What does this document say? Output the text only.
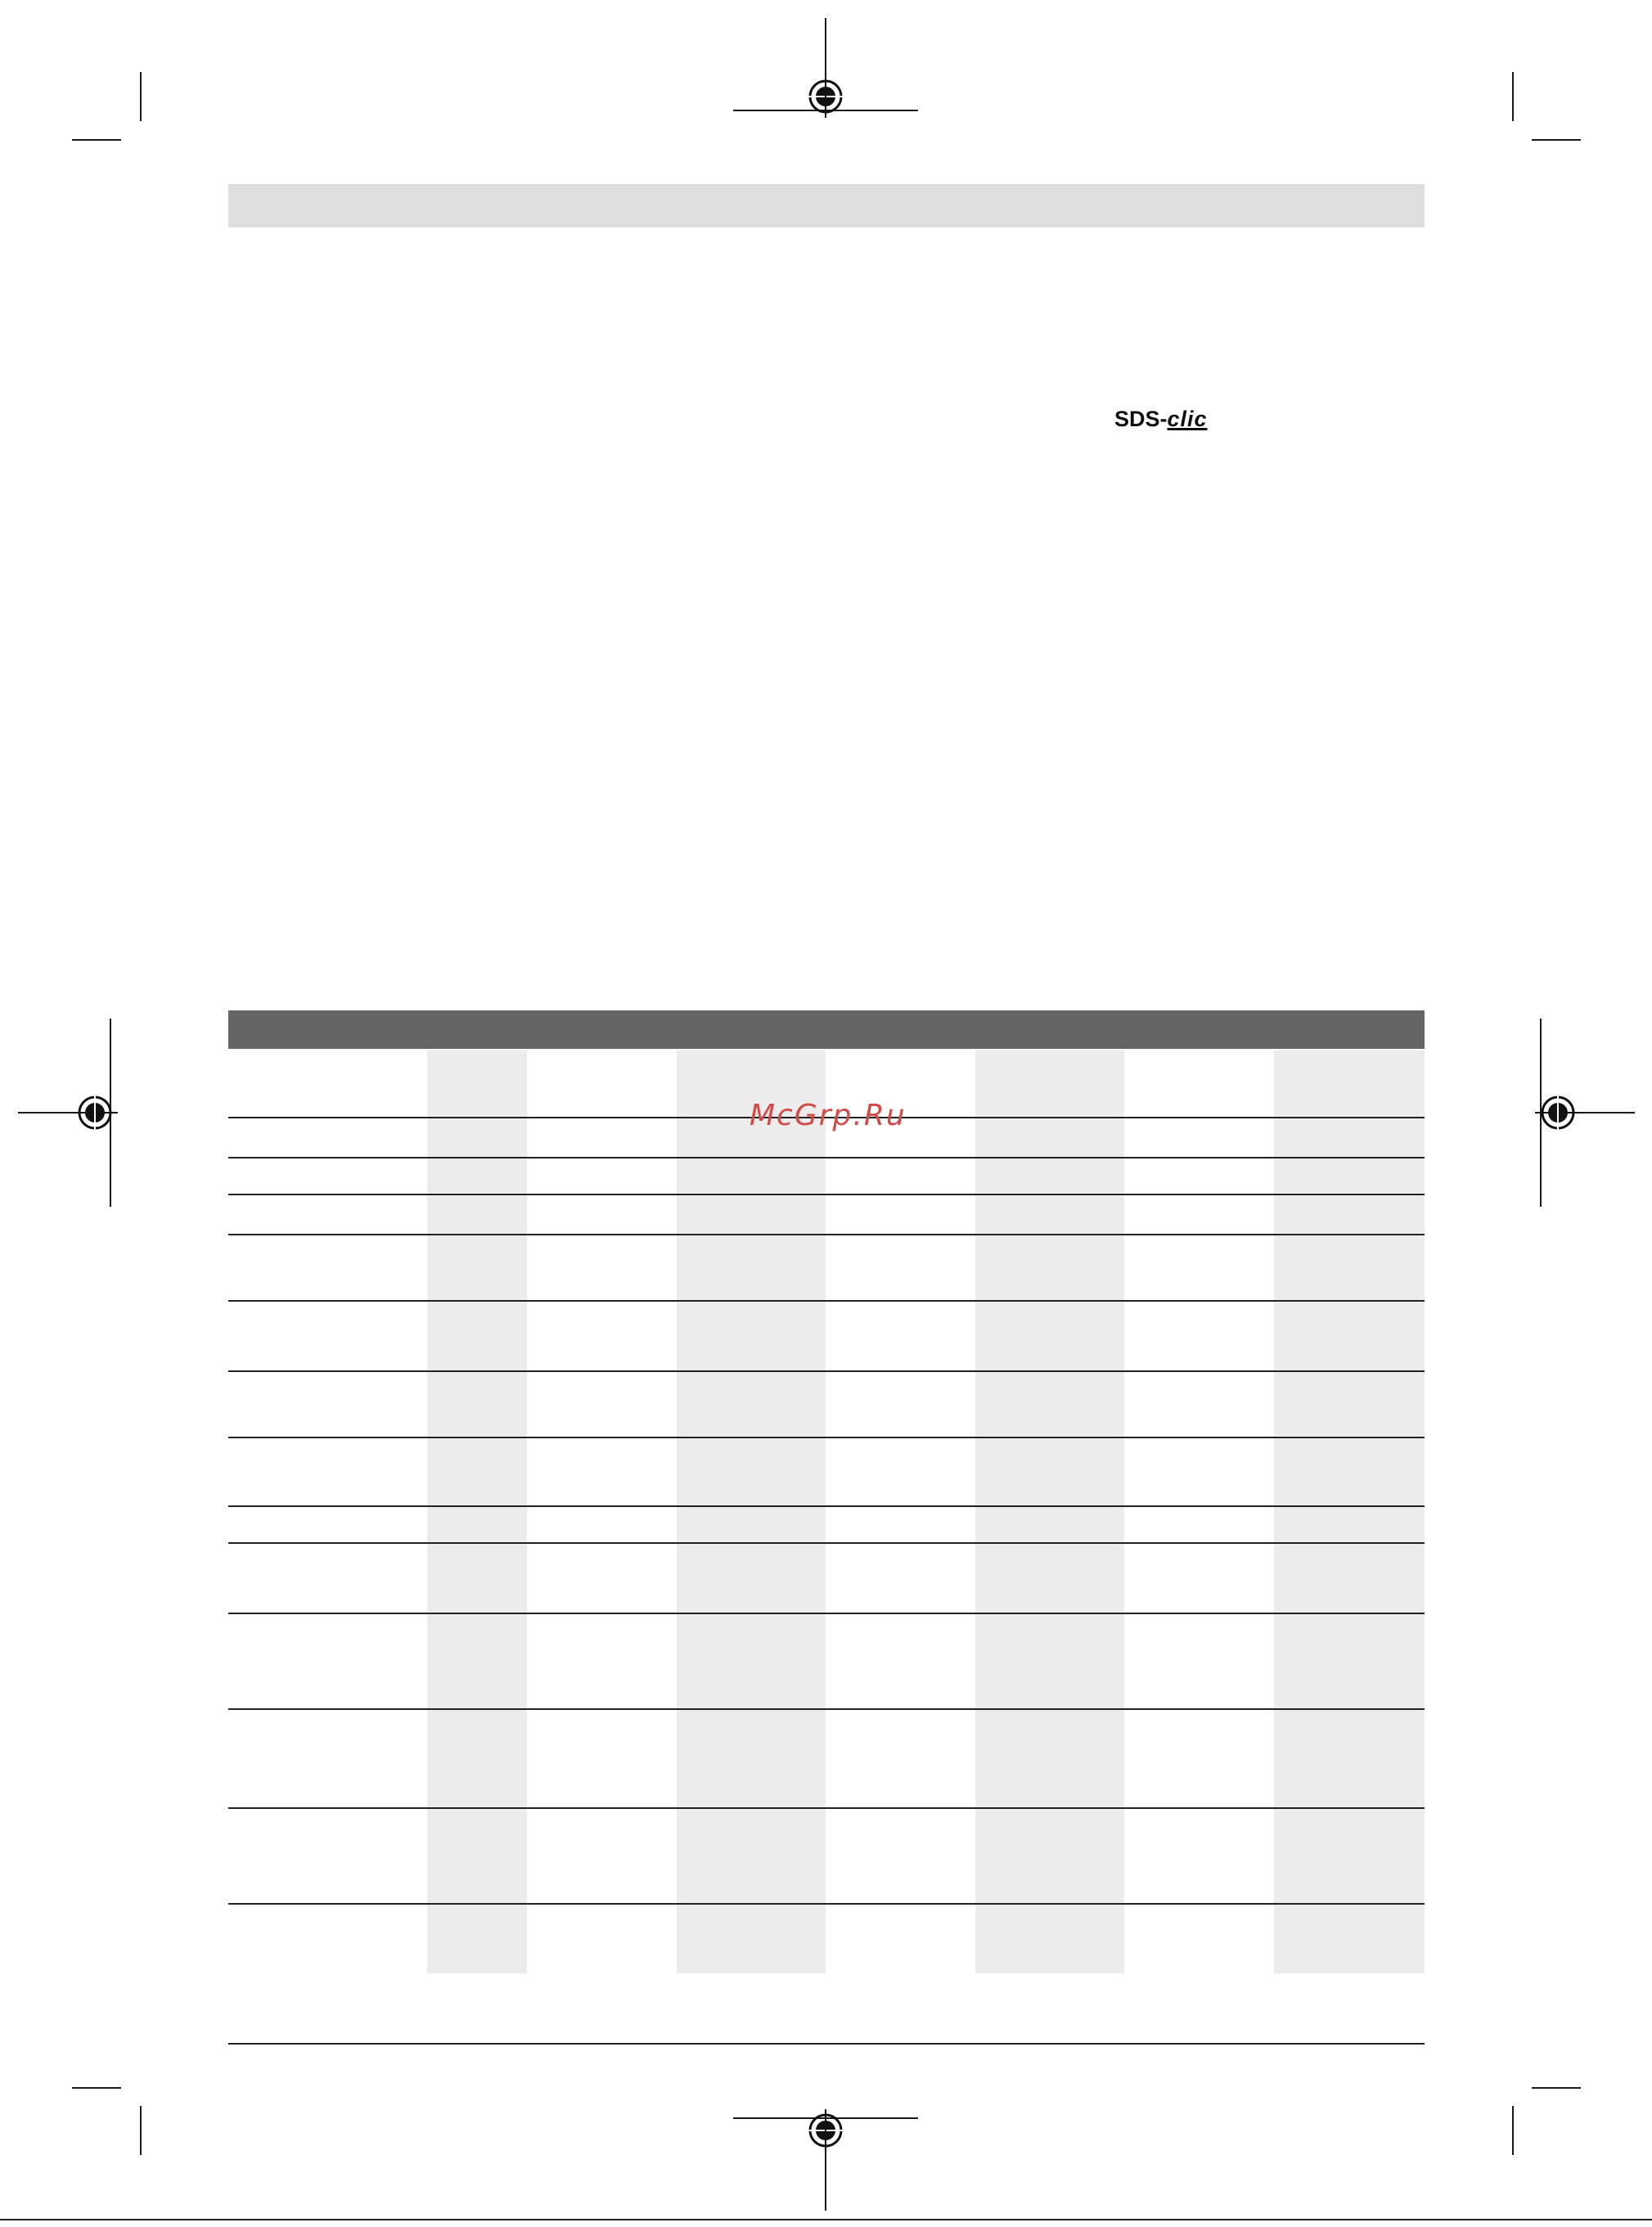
SDS- clic
McGrp.Ru
